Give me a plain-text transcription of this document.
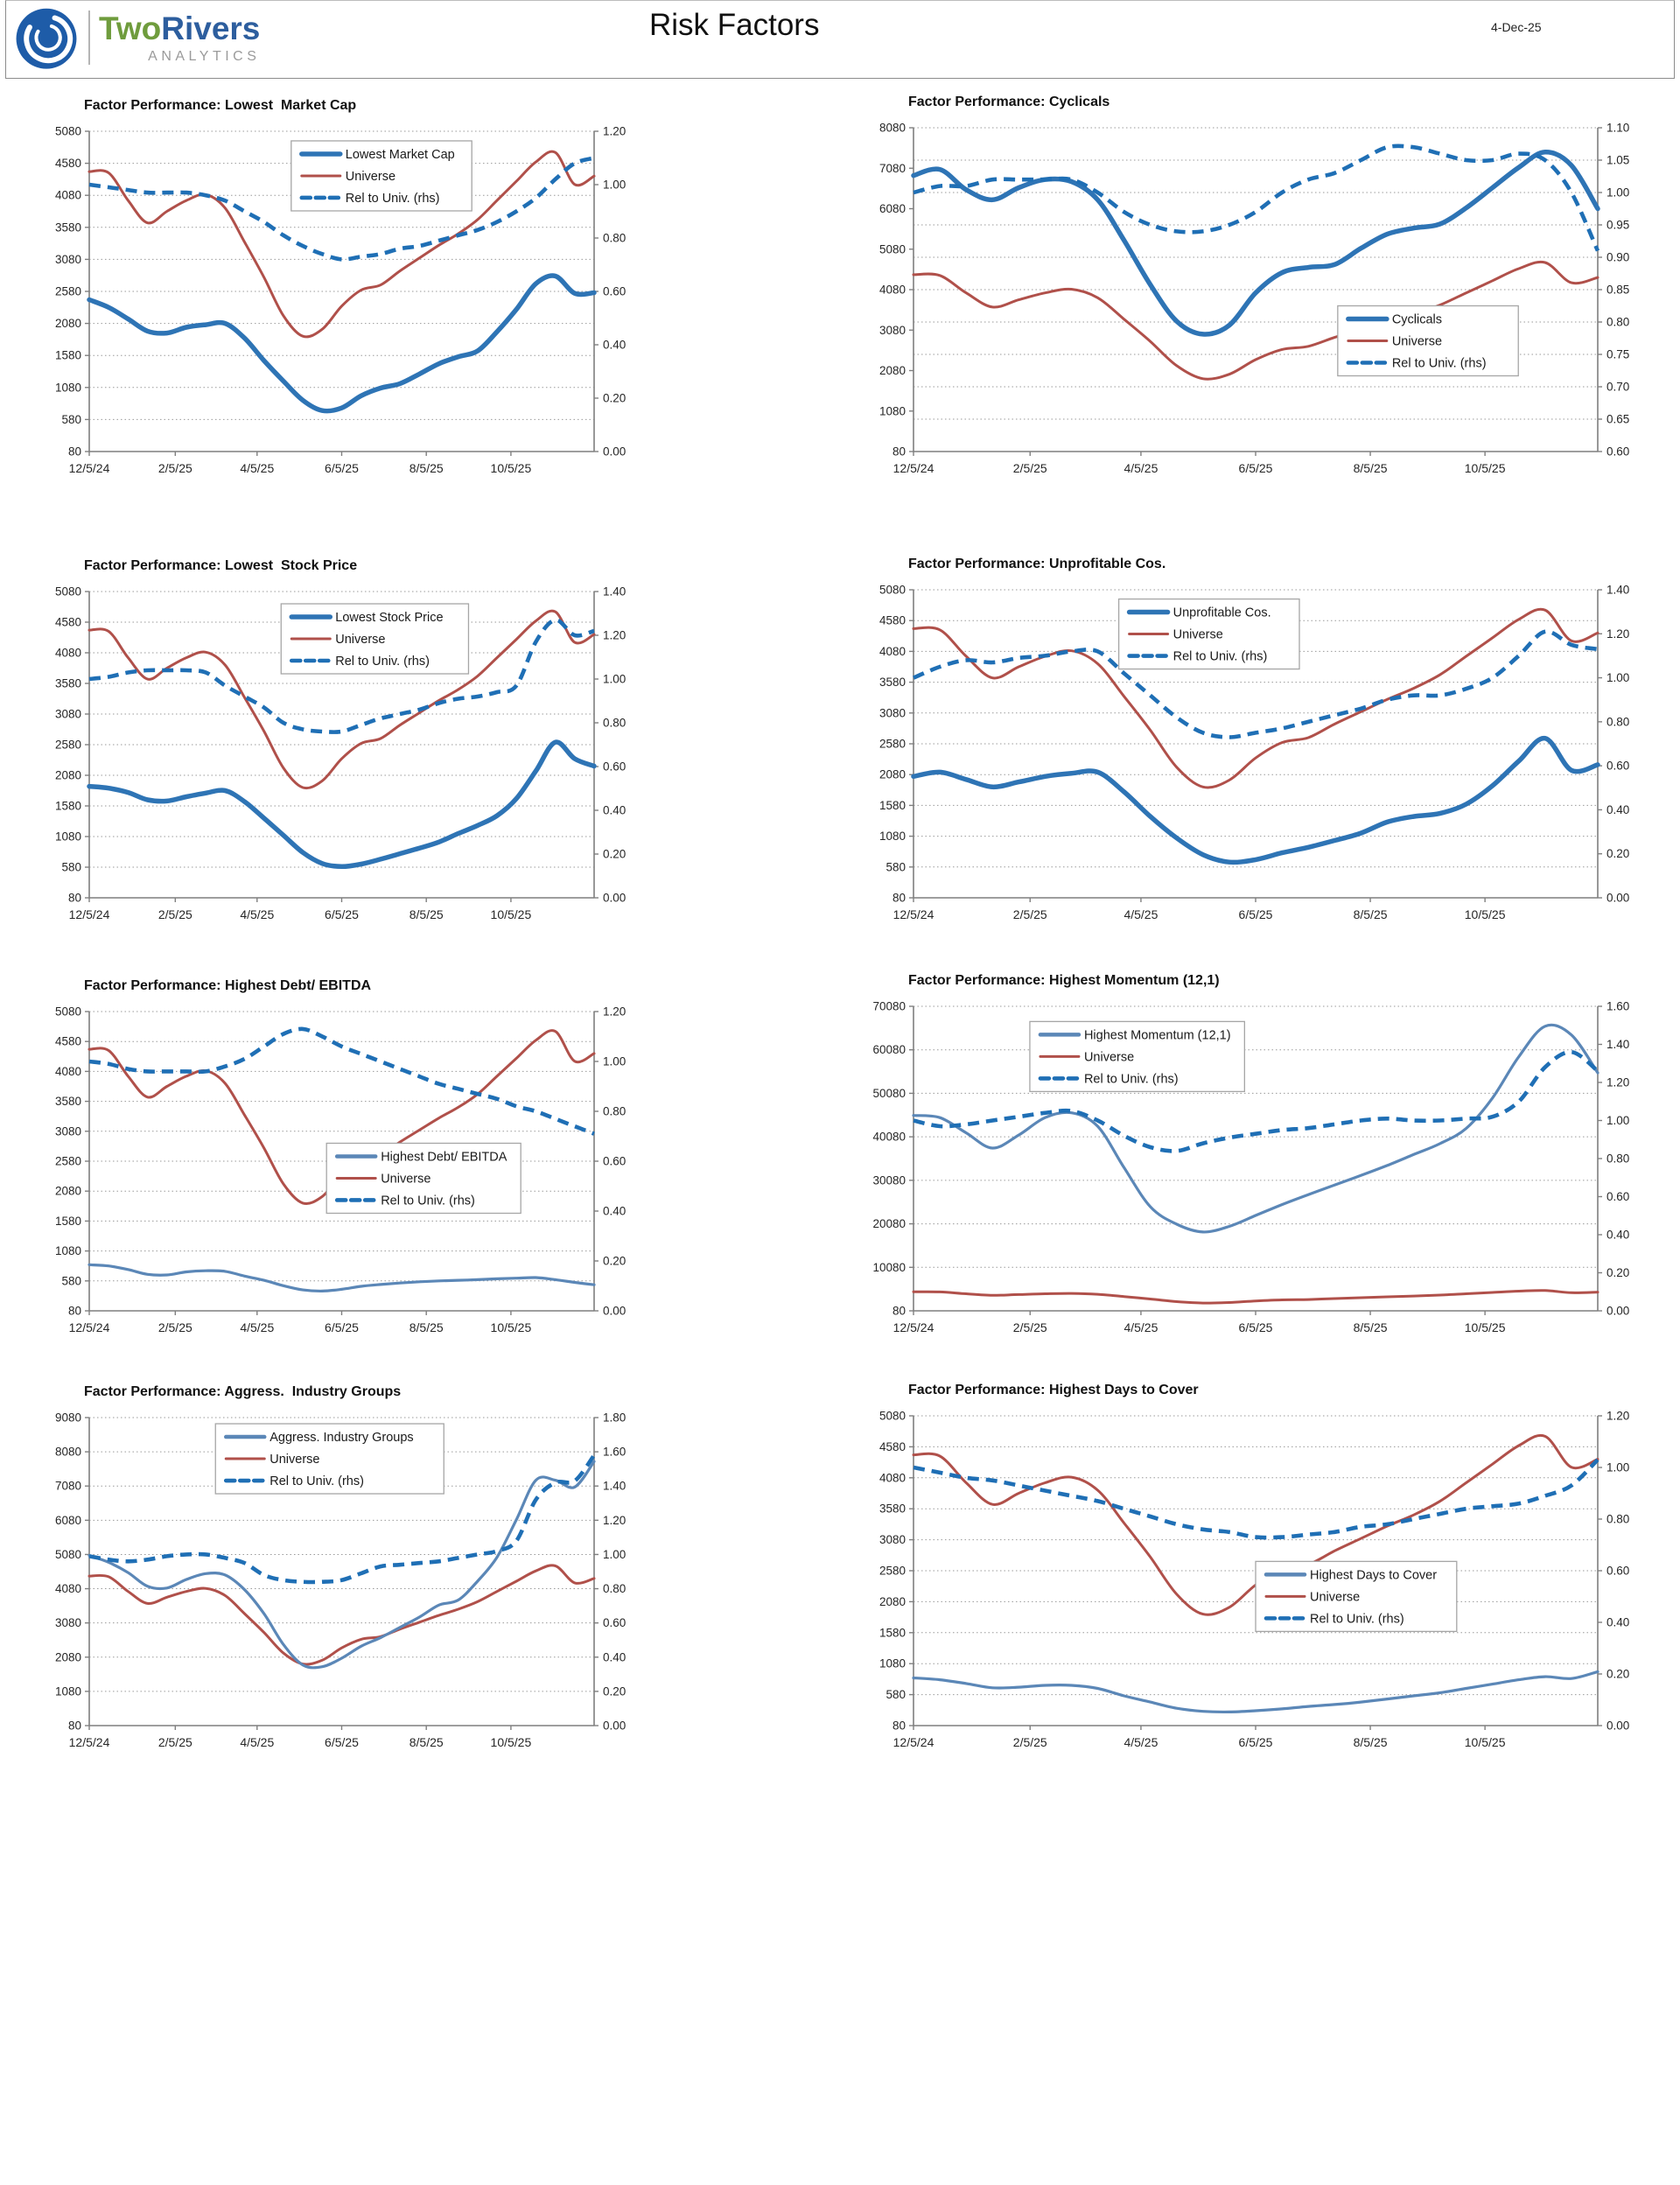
TwoRivers
ANALYTICS
Risk Factors	4-Dec-25
Factor Performance: Lowest  Market Cap
80
580
1080
1580
2080
2580
3080
3580
4080
4580
5080
0.00
0.20
0.40
0.60
0.80
1.00
1.20
12/5/24	2/5/25	4/5/25	6/5/25	8/5/25	10/5/25
Lowest Market Cap
Universe
Rel to Univ. (rhs)
Factor Performance: Cyclicals
80
1080
2080
3080
4080
5080
6080
7080
8080
0.60
0.65
0.70
0.75
0.80
0.85
0.90
0.95
1.00
1.05
1.10
12/5/24	2/5/25	4/5/25	6/5/25	8/5/25	10/5/25
Cyclicals
Universe
Rel to Univ. (rhs)
Factor Performance: Lowest  Stock Price
80
580
1080
1580
2080
2580
3080
3580
4080
4580
5080
0.00
0.20
0.40
0.60
0.80
1.00
1.20
1.40
12/5/24	2/5/25	4/5/25	6/5/25	8/5/25	10/5/25
Lowest Stock Price
Universe
Rel to Univ. (rhs)
Factor Performance: Unprofitable Cos.
80
580
1080
1580
2080
2580
3080
3580
4080
4580
5080
0.00
0.20
0.40
0.60
0.80
1.00
1.20
1.40
12/5/24	2/5/25	4/5/25	6/5/25	8/5/25	10/5/25
Unprofitable Cos.
Universe
Rel to Univ. (rhs)
Factor Performance: Highest Debt/ EBITDA
80
580
1080
1580
2080
2580
3080
3580
4080
4580
5080
0.00
0.20
0.40
0.60
0.80
1.00
1.20
12/5/24	2/5/25	4/5/25	6/5/25	8/5/25	10/5/25
Highest Debt/ EBITDA
Universe
Rel to Univ. (rhs)
Factor Performance: Highest Momentum (12,1)
80
10080
20080
30080
40080
50080
60080
70080
0.00
0.20
0.40
0.60
0.80
1.00
1.20
1.40
1.60
12/5/24	2/5/25	4/5/25	6/5/25	8/5/25	10/5/25
Highest Momentum (12,1)
Universe
Rel to Univ. (rhs)
Factor Performance: Aggress.  Industry Groups
80
1080
2080
3080
4080
5080
6080
7080
8080
9080
0.00
0.20
0.40
0.60
0.80
1.00
1.20
1.40
1.60
1.80
12/5/24	2/5/25	4/5/25	6/5/25	8/5/25	10/5/25
Aggress. Industry Groups
Universe
Rel to Univ. (rhs)
Factor Performance: Highest Days to Cover
80
580
1080
1580
2080
2580
3080
3580
4080
4580
5080
0.00
0.20
0.40
0.60
0.80
1.00
1.20
12/5/24	2/5/25	4/5/25	6/5/25	8/5/25	10/5/25
Highest Days to Cover
Universe
Rel to Univ. (rhs)
